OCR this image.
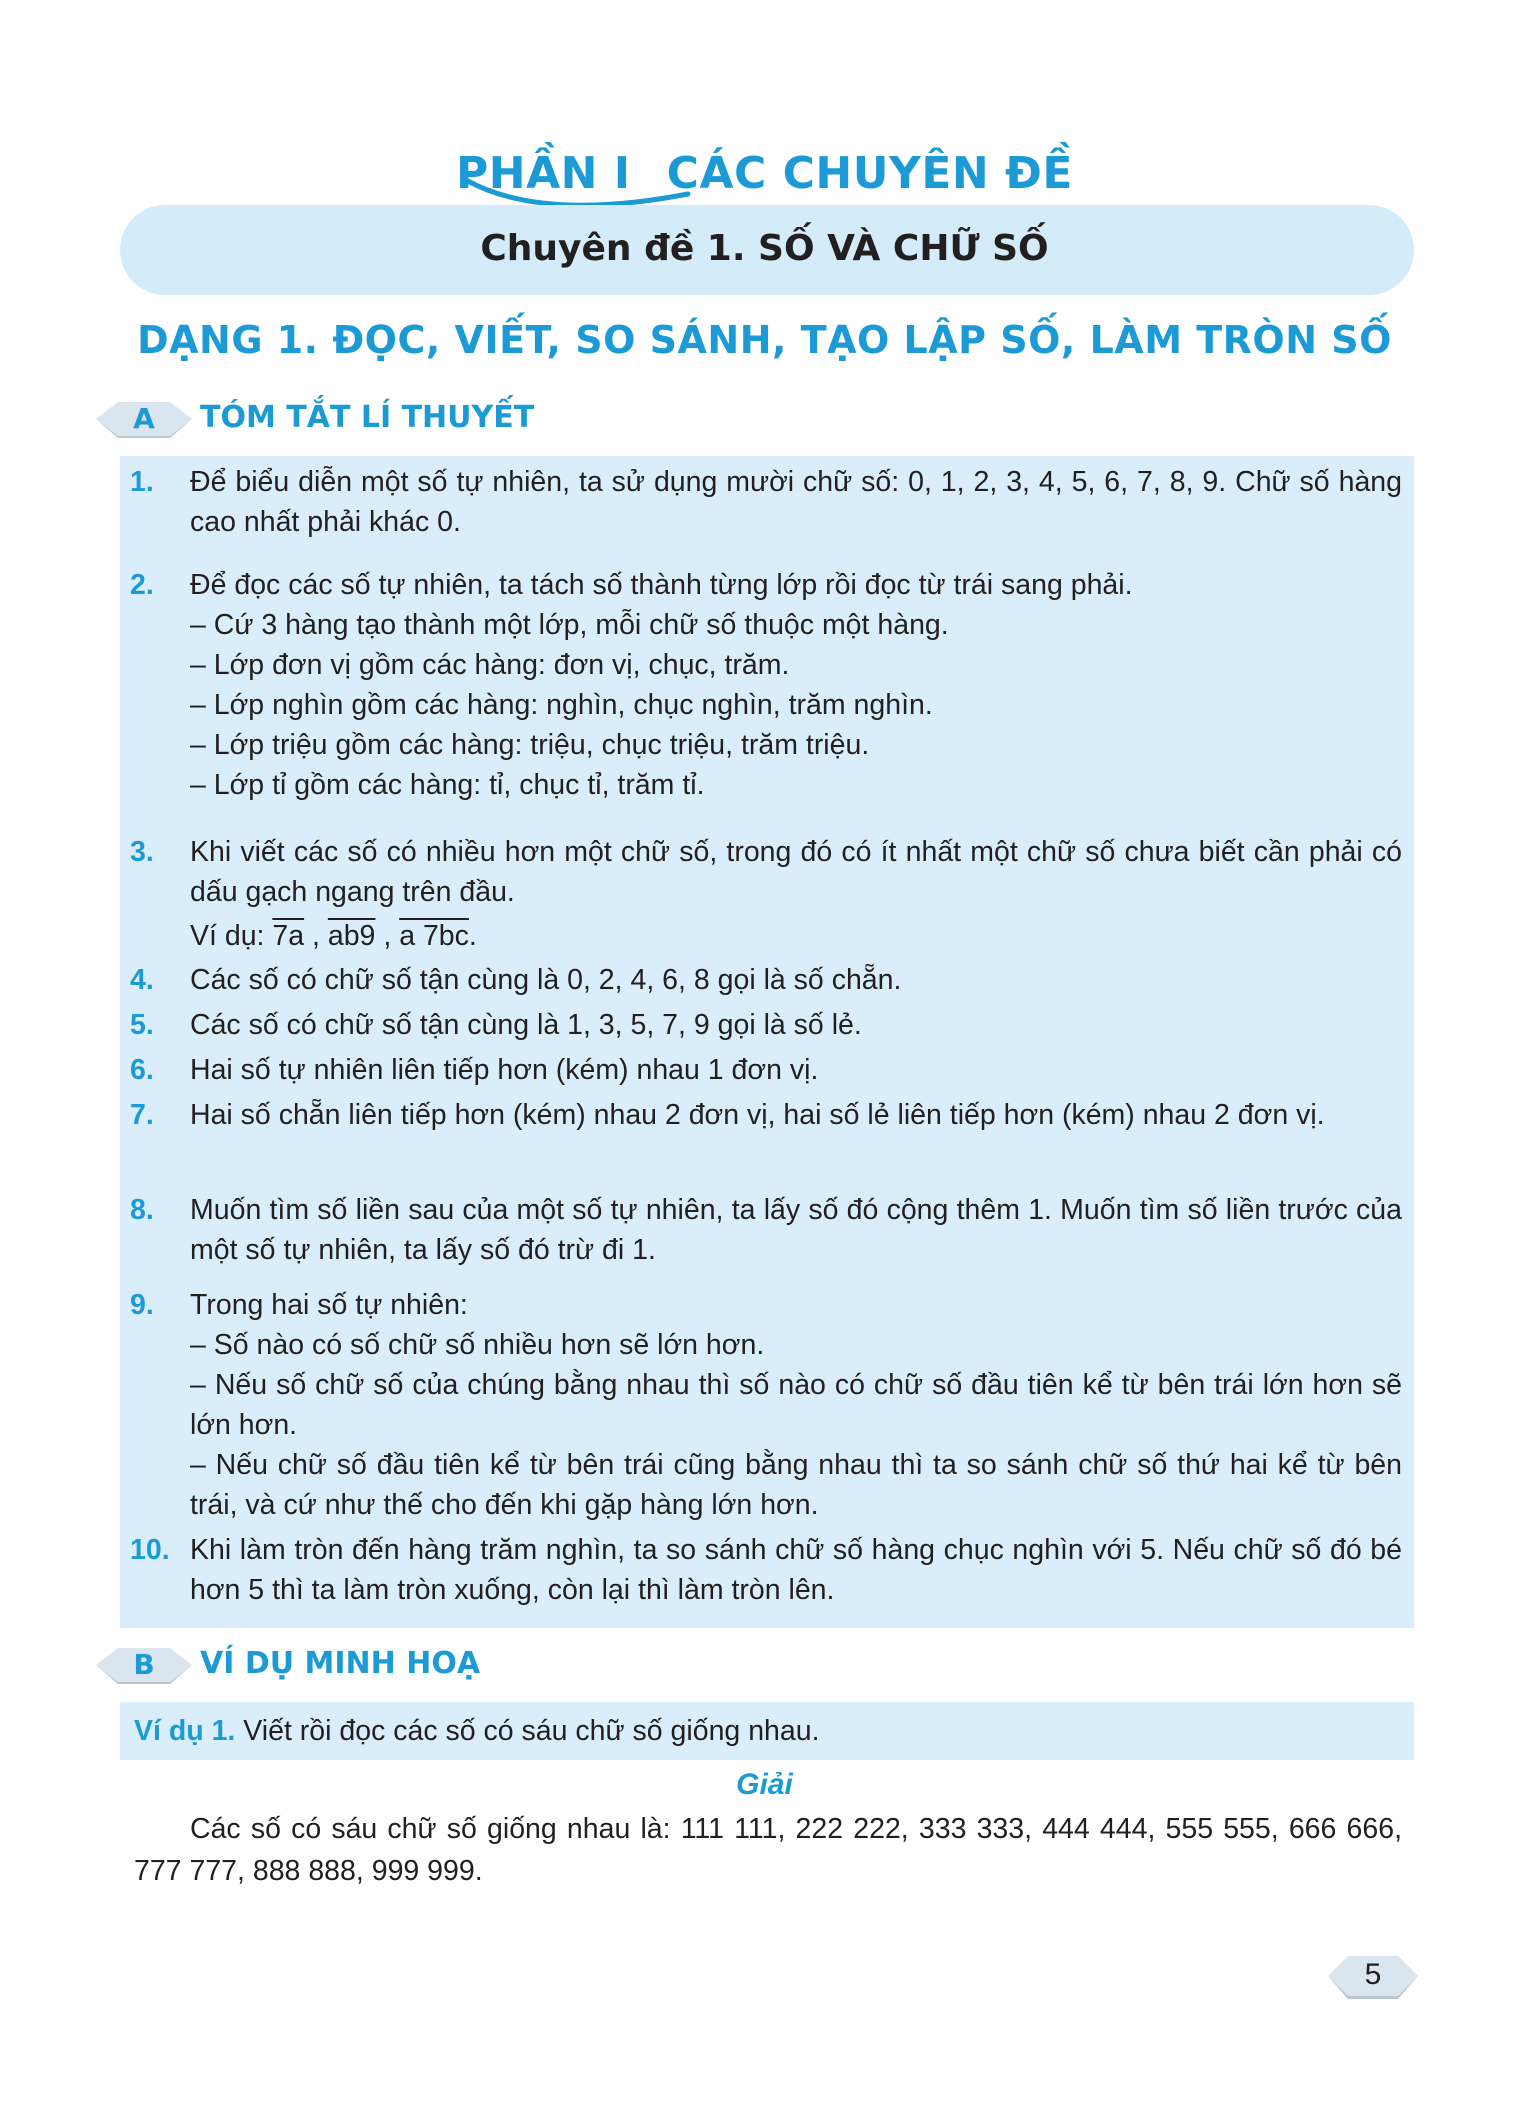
PHẦN I CÁC CHUYÊN ĐỀ
Chuyên đề 1. SỐ VÀ CHỮ SỐ
DẠNG 1. ĐỌC, VIẾT, SO SÁNH, TẠO LẬP SỐ, LÀM TRÒN SỐ
A	TÓM TẮT LÍ THUYẾT
1.	Để biểu diễn một số tự nhiên, ta sử dụng mười chữ số: 0, 1, 2, 3, 4, 5, 6, 7, 8, 9. Chữ số hàng cao nhất phải khác 0.
2.	Để đọc các số tự nhiên, ta tách số thành từng lớp rồi đọc từ trái sang phải.
– Cứ 3 hàng tạo thành một lớp, mỗi chữ số thuộc một hàng.
– Lớp đơn vị gồm các hàng: đơn vị, chục, trăm.
– Lớp nghìn gồm các hàng: nghìn, chục nghìn, trăm nghìn.
– Lớp triệu gồm các hàng: triệu, chục triệu, trăm triệu.
– Lớp tỉ gồm các hàng: tỉ, chục tỉ, trăm tỉ.
3.	Khi viết các số có nhiều hơn một chữ số, trong đó có ít nhất một chữ số chưa biết cần phải có dấu gạch ngang trên đầu.
Ví dụ: 7a , ab9 , a 7bc.
4.	Các số có chữ số tận cùng là 0, 2, 4, 6, 8 gọi là số chẵn.
5.	Các số có chữ số tận cùng là 1, 3, 5, 7, 9 gọi là số lẻ.
6.	Hai số tự nhiên liên tiếp hơn (kém) nhau 1 đơn vị.
7.	Hai số chẵn liên tiếp hơn (kém) nhau 2 đơn vị, hai số lẻ liên tiếp hơn (kém) nhau 2 đơn vị.
8.	Muốn tìm số liền sau của một số tự nhiên, ta lấy số đó cộng thêm 1. Muốn tìm số liền trước của một số tự nhiên, ta lấy số đó trừ đi 1.
9.	Trong hai số tự nhiên:
– Số nào có số chữ số nhiều hơn sẽ lớn hơn.
– Nếu số chữ số của chúng bằng nhau thì số nào có chữ số đầu tiên kể từ bên trái lớn hơn sẽ lớn hơn.
– Nếu chữ số đầu tiên kể từ bên trái cũng bằng nhau thì ta so sánh chữ số thứ hai kể từ bên trái, và cứ như thế cho đến khi gặp hàng lớn hơn.
10. Khi làm tròn đến hàng trăm nghìn, ta so sánh chữ số hàng chục nghìn với 5. Nếu chữ số đó bé hơn 5 thì ta làm tròn xuống, còn lại thì làm tròn lên.
B	VÍ DỤ MINH HOẠ
Ví dụ 1. Viết rồi đọc các số có sáu chữ số giống nhau.
Giải
Các số có sáu chữ số giống nhau là: 111 111, 222 222, 333 333, 444 444, 555 555, 666 666, 777 777, 888 888, 999 999.
5
